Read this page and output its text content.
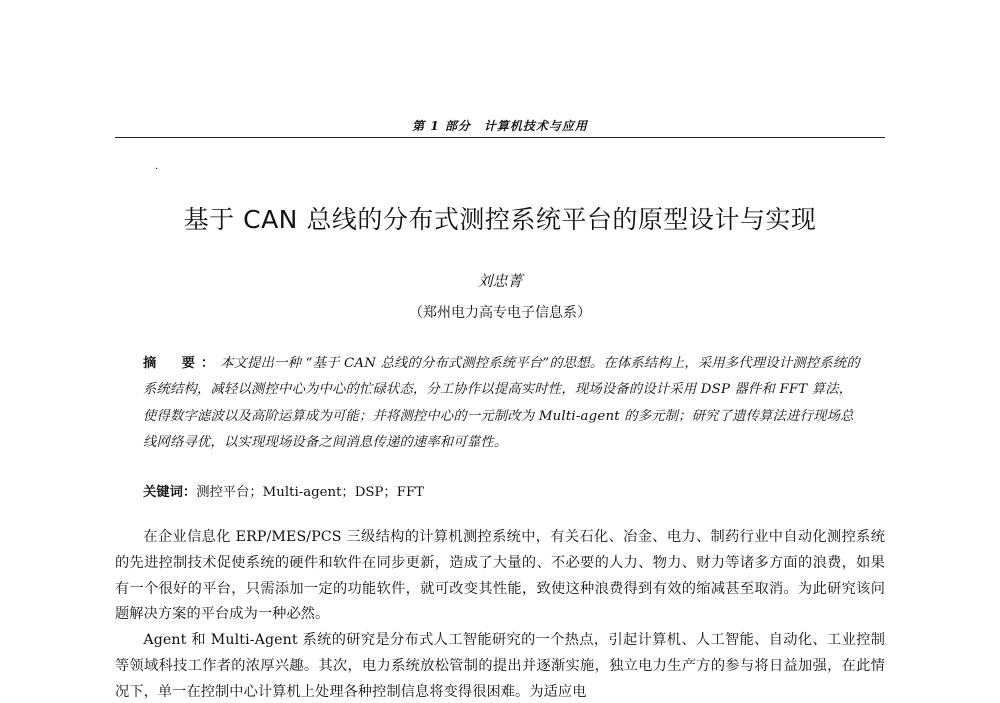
第 1 部分　计算机技术与应用
·
基于 CAN 总线的分布式测控系统平台的原型设计与实现
刘忠菁
（郑州电力高专电子信息系）
摘　要：本文提出一种 “基于 CAN 总线的分布式测控系统平台”的思想。在体系结构上，采用多代理设计测控系统的系统结构，减轻以测控中心为中心的忙碌状态，分工协作以提高实时性，现场设备的设计采用 DSP 器件和 FFT 算法，使得数字滤波以及高阶运算成为可能；并将测控中心的一元制改为 Multi-agent 的多元制；研究了遗传算法进行现场总线网络寻优，以实现现场设备之间消息传递的速率和可靠性。
关键词：测控平台；Multi-agent；DSP；FFT

在企业信息化 ERP/MES/PCS 三级结构的计算机测控系统中，有关石化、冶金、电力、制药行业中自动化测控系统的先进控制技术促使系统的硬件和软件在同步更新，造成了大量的、不必要的人力、物力、财力等诸多方面的浪费，如果有一个很好的平台，只需添加一定的功能软件，就可改变其性能，致使这种浪费得到有效的缩减甚至取消。为此研究该问题解决方案的平台成为一种必然。

Agent 和 Multi-Agent 系统的研究是分布式人工智能研究的一个热点，引起计算机、人工智能、自动化、工业控制等领域科技工作者的浓厚兴趣。其次，电力系统放松管制的提出并逐渐实施，独立电力生产方的参与将日益加强，在此情况下，单一在控制中心计算机上处理各种控制信息将变得很困难。为适应电
